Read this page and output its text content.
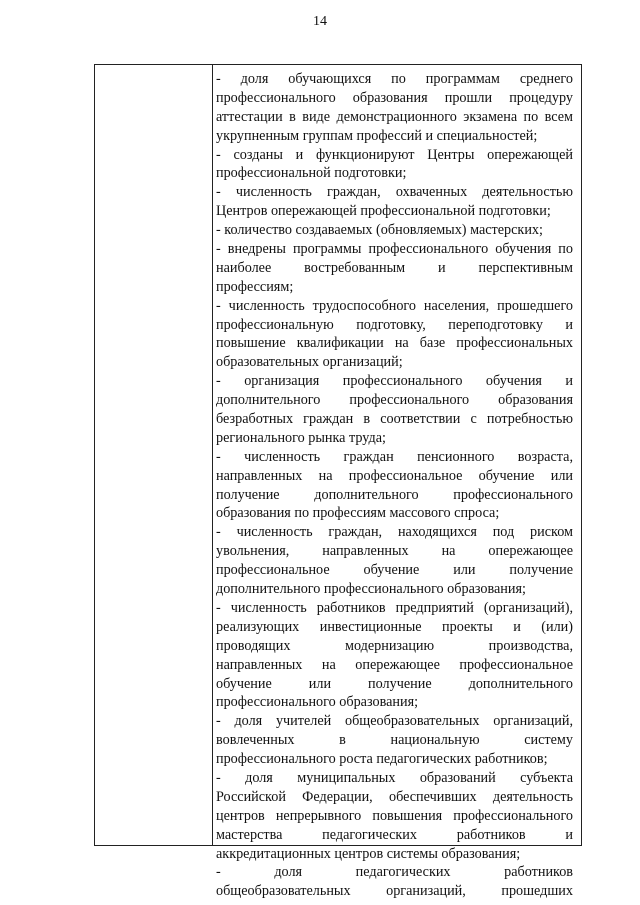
14
- доля обучающихся по программам среднего
профессионального образования прошли процедуру
аттестации в виде демонстрационного экзамена по всем
укрупненным группам профессий и специальностей;
- созданы и функционируют Центры опережающей
профессиональной подготовки;
- численность граждан, охваченных деятельностью
Центров опережающей профессиональной подготовки;
- количество создаваемых (обновляемых) мастерских;
- внедрены программы профессионального обучения по
наиболее востребованным и перспективным
профессиям;
- численность трудоспособного населения, прошедшего
профессиональную подготовку, переподготовку и
повышение квалификации на базе профессиональных
образовательных организаций;
- организация профессионального обучения и
дополнительного профессионального образования
безработных граждан в соответствии с потребностью
регионального рынка труда;
- численность граждан пенсионного возраста,
направленных на профессиональное обучение или
получение дополнительного профессионального
образования по профессиям массового спроса;
- численность граждан, находящихся под риском
увольнения, направленных на опережающее
профессиональное обучение или получение
дополнительного профессионального образования;
- численность работников предприятий (организаций),
реализующих инвестиционные проекты и (или)
проводящих модернизацию производства,
направленных на опережающее профессиональное
обучение или получение дополнительного
профессионального образования;
- доля учителей общеобразовательных организаций,
вовлеченных в национальную систему
профессионального роста педагогических работников;
- доля муниципальных образований субъекта
Российской Федерации, обеспечивших деятельность
центров непрерывного повышения профессионального
мастерства педагогических работников и
аккредитационных центров системы образования;
- доля педагогических работников
общеобразовательных организаций, прошедших
